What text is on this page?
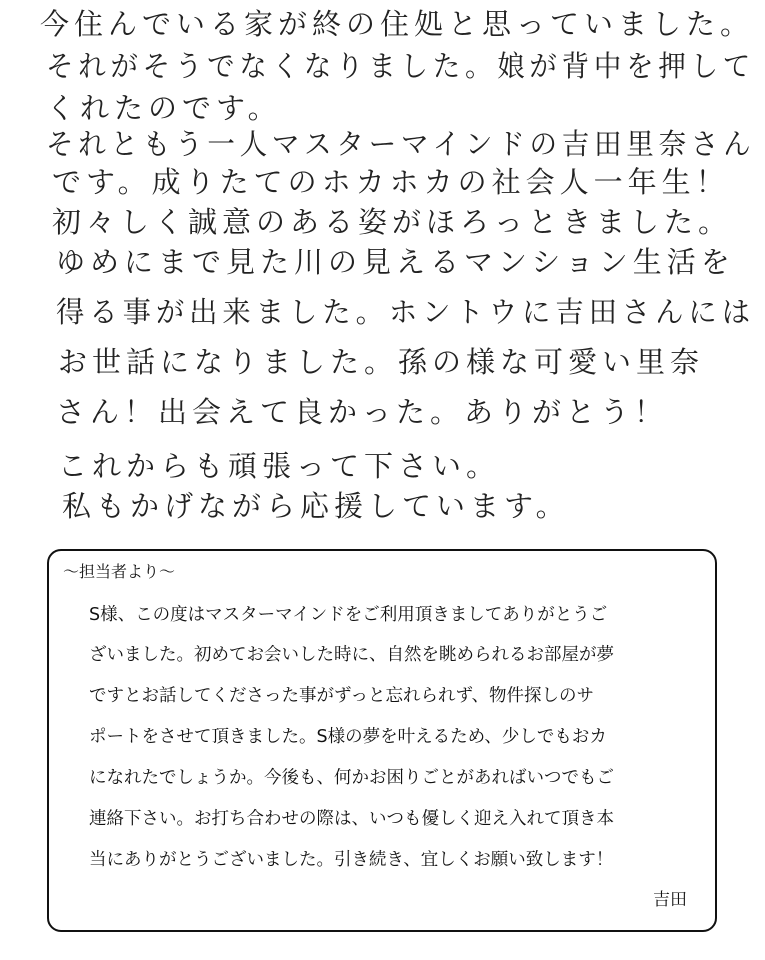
今住んでいる家が終の住処と思っていました。
それがそうでなくなりました。娘が背中を押して
くれたのです。
それともう一人マスターマインドの吉田里奈さん
です。成りたてのホカホカの社会人一年生！
初々しく誠意のある姿がほろっときました。
ゆめにまで見た川の見えるマンション生活を
得る事が出来ました。ホントウに吉田さんには
お世話になりました。孫の様な可愛い里奈
さん！出会えて良かった。ありがとう！
これからも頑張って下さい。
私もかげながら応援しています。
～担当者より～
S様、この度はマスターマインドをご利用頂きましてありがとうご
ざいました。初めてお会いした時に、自然を眺められるお部屋が夢
ですとお話してくださった事がずっと忘れられず、物件探しのサ
ポートをさせて頂きました。S様の夢を叶えるため、少しでもおカ
になれたでしょうか。今後も、何かお困りごとがあればいつでもご
連絡下さい。お打ち合わせの際は、いつも優しく迎え入れて頂き本
当にありがとうございました。引き続き、宜しくお願い致します！
吉田
